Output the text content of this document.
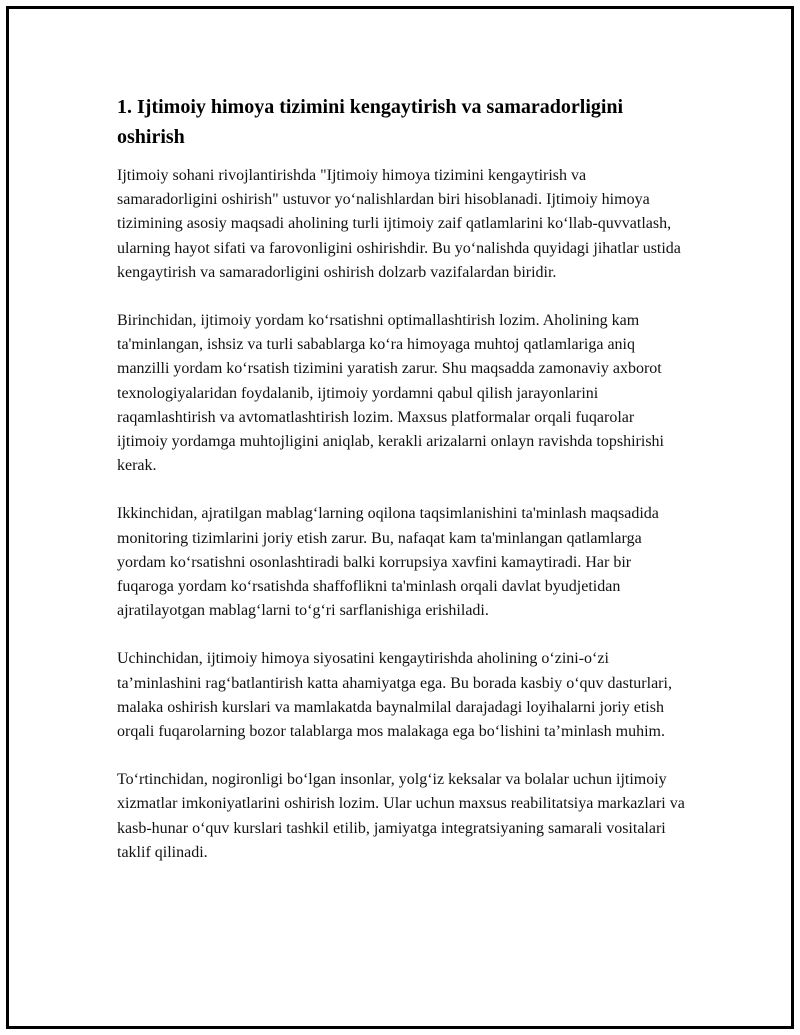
1. Ijtimoiy himoya tizimini kengaytirish va samaradorligini oshirish

Ijtimoiy sohani rivojlantirishda "Ijtimoiy himoya tizimini kengaytirish va samaradorligini oshirish" ustuvor yo‘nalishlardan biri hisoblanadi. Ijtimoiy himoya tizimining asosiy maqsadi aholining turli ijtimoiy zaif qatlamlarini ko‘llab-quvvatlash, ularning hayot sifati va farovonligini oshirishdir. Bu yo‘nalishda quyidagi jihatlar ustida kengaytirish va samaradorligini oshirish dolzarb vazifalardan biridir.

Birinchidan, ijtimoiy yordam ko‘rsatishni optimallashtirish lozim. Aholining kam ta'minlangan, ishsiz va turli sabablarga ko‘ra himoyaga muhtoj qatlamlariga aniq manzilli yordam ko‘rsatish tizimini yaratish zarur. Shu maqsadda zamonaviy axborot texnologiyalaridan foydalanib, ijtimoiy yordamni qabul qilish jarayonlarini raqamlashtirish va avtomatlashtirish lozim. Maxsus platformalar orqali fuqarolar ijtimoiy yordamga muhtojligini aniqlab, kerakli arizalarni onlayn ravishda topshirishi kerak.

Ikkinchidan, ajratilgan mablag‘larning oqilona taqsimlanishini ta'minlash maqsadida monitoring tizimlarini joriy etish zarur. Bu, nafaqat kam ta'minlangan qatlamlarga yordam ko‘rsatishni osonlashtiradi balki korrupsiya xavfini kamaytiradi. Har bir fuqaroga yordam ko‘rsatishda shaffoflikni ta'minlash orqali davlat byudjetidan ajratilayotgan mablag‘larni to‘g‘ri sarflanishiga erishiladi.

Uchinchidan, ijtimoiy himoya siyosatini kengaytirishda aholining o‘zini-o‘zi ta’minlashini rag‘batlantirish katta ahamiyatga ega. Bu borada kasbiy o‘quv dasturlari, malaka oshirish kurslari va mamlakatda baynalmilal darajadagi loyihalarni joriy etish orqali fuqarolarning bozor talablarga mos malakaga ega bo‘lishini ta’minlash muhim.

To‘rtinchidan, nogironligi bo‘lgan insonlar, yolg‘iz keksalar va bolalar uchun ijtimoiy xizmatlar imkoniyatlarini oshirish lozim. Ular uchun maxsus reabilitatsiya markazlari va kasb-hunar o‘quv kurslari tashkil etilib, jamiyatga integratsiyaning samarali vositalari taklif qilinadi.
